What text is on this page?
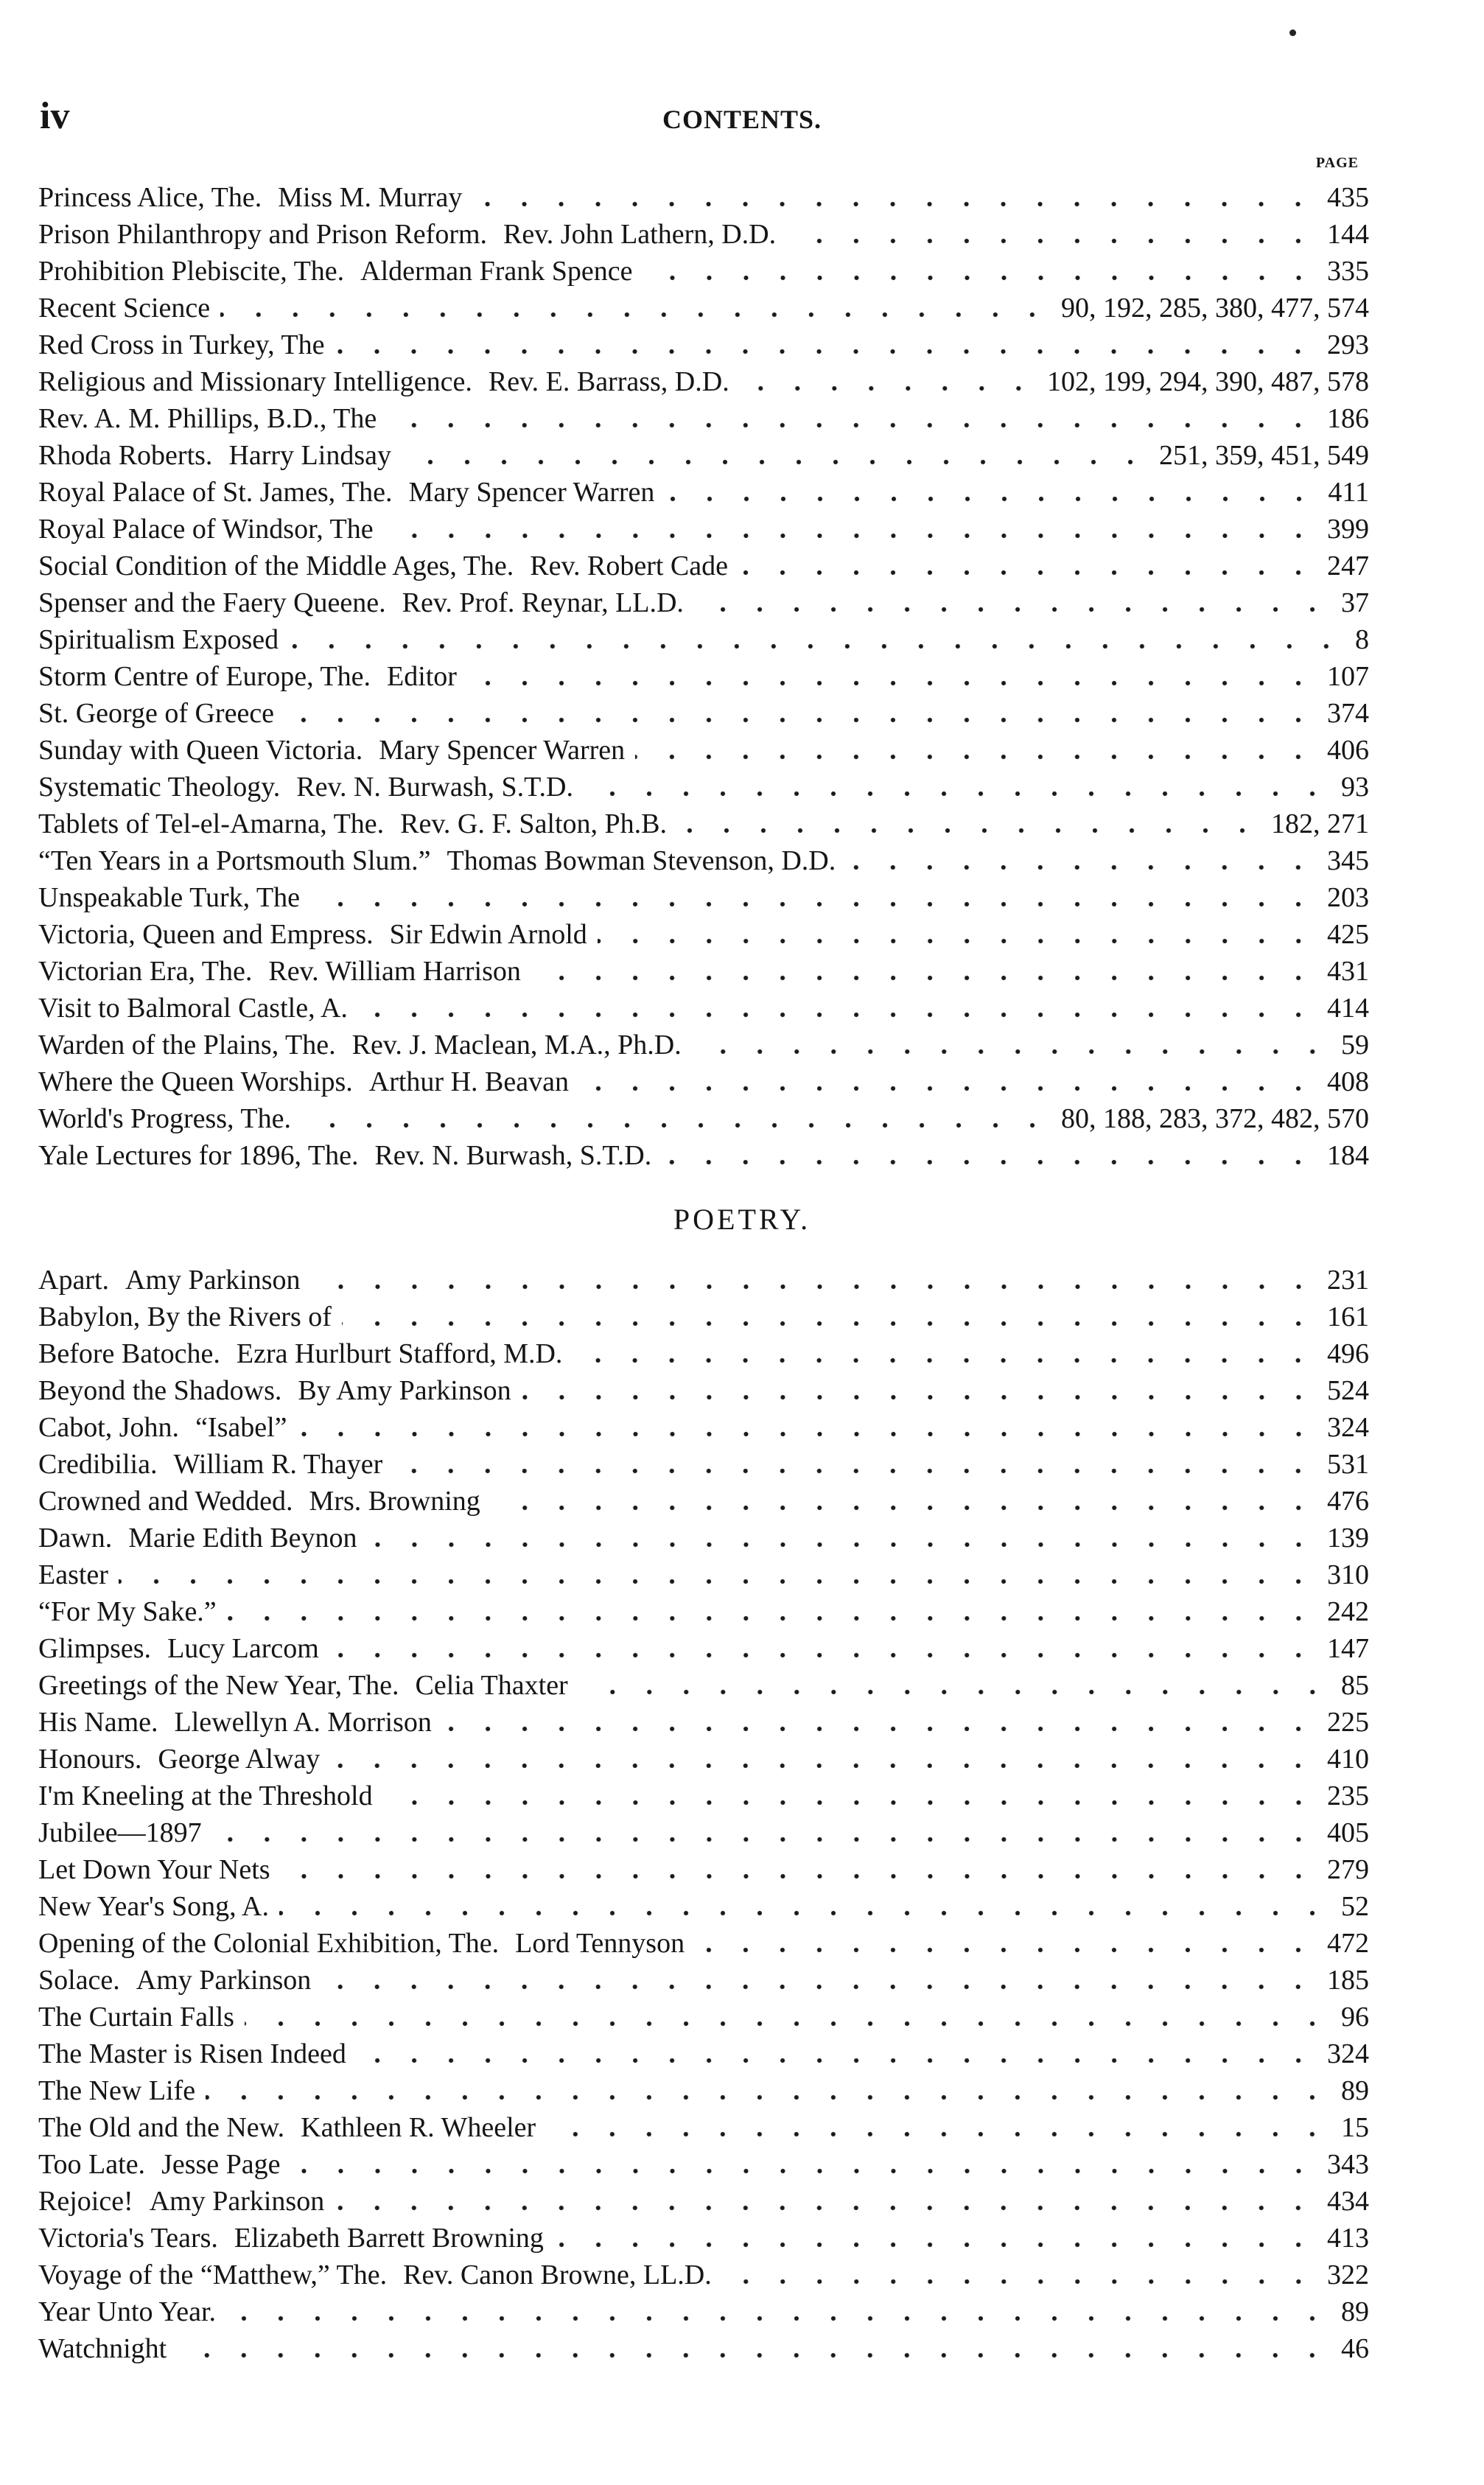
iv	CONTENTS.
PAGE
Princess Alice, The. Miss M. Murray	435
Prison Philanthropy and Prison Reform. Rev. John Lathern, D.D.	144
Prohibition Plebiscite, The. Alderman Frank Spence	335
Recent Science	90, 192, 285, 380, 477, 574
Red Cross in Turkey, The	293
Religious and Missionary Intelligence. Rev. E. Barrass, D.D.	102, 199, 294, 390, 487, 578
Rev. A. M. Phillips, B.D., The	186
Rhoda Roberts. Harry Lindsay	251, 359, 451, 549
Royal Palace of St. James, The. Mary Spencer Warren	411
Royal Palace of Windsor, The	399
Social Condition of the Middle Ages, The. Rev. Robert Cade	247
Spenser and the Faery Queene. Rev. Prof. Reynar, LL.D.	37
Spiritualism Exposed	8
Storm Centre of Europe, The. Editor	107
St. George of Greece	374
Sunday with Queen Victoria. Mary Spencer Warren	406
Systematic Theology. Rev. N. Burwash, S.T.D.	93
Tablets of Tel-el-Amarna, The. Rev. G. F. Salton, Ph.B.	182, 271
“Ten Years in a Portsmouth Slum.” Thomas Bowman Stevenson, D.D.	345
Unspeakable Turk, The	203
Victoria, Queen and Empress. Sir Edwin Arnold	425
Victorian Era, The. Rev. William Harrison	431
Visit to Balmoral Castle, A.	414
Warden of the Plains, The. Rev. J. Maclean, M.A., Ph.D.	59
Where the Queen Worships. Arthur H. Beavan	408
World's Progress, The.	80, 188, 283, 372, 482, 570
Yale Lectures for 1896, The. Rev. N. Burwash, S.T.D.	184
POETRY.
Apart. Amy Parkinson	231
Babylon, By the Rivers of	161
Before Batoche. Ezra Hurlburt Stafford, M.D.	496
Beyond the Shadows. By Amy Parkinson	524
Cabot, John. “Isabel”	324
Credibilia. William R. Thayer	531
Crowned and Wedded. Mrs. Browning	476
Dawn. Marie Edith Beynon	139
Easter	310
“For My Sake.”	242
Glimpses. Lucy Larcom	147
Greetings of the New Year, The. Celia Thaxter	85
His Name. Llewellyn A. Morrison	225
Honours. George Alway	410
I'm Kneeling at the Threshold	235
Jubilee—1897	405
Let Down Your Nets	279
New Year's Song, A.	52
Opening of the Colonial Exhibition, The. Lord Tennyson	472
Solace. Amy Parkinson	185
The Curtain Falls	96
The Master is Risen Indeed	324
The New Life	89
The Old and the New. Kathleen R. Wheeler	15
Too Late. Jesse Page	343
Rejoice! Amy Parkinson	434
Victoria's Tears. Elizabeth Barrett Browning	413
Voyage of the “Matthew,” The. Rev. Canon Browne, LL.D.	322
Year Unto Year.	89
Watchnight	46
